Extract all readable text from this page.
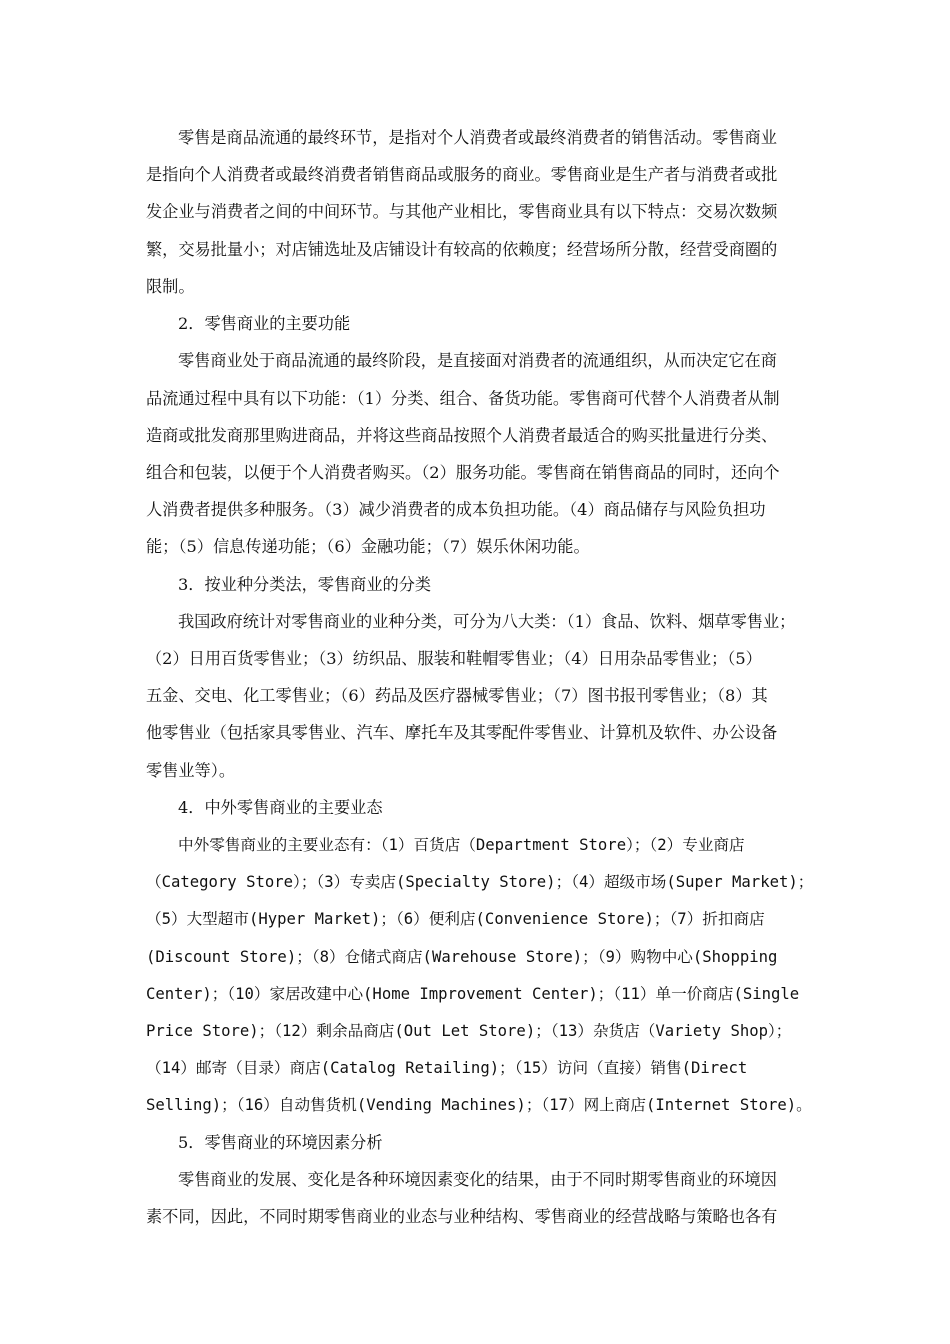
零售是商品流通的最终环节，是指对个人消费者或最终消费者的销售活动。零售商业
是指向个人消费者或最终消费者销售商品或服务的商业。零售商业是生产者与消费者或批
发企业与消费者之间的中间环节。与其他产业相比，零售商业具有以下特点：交易次数频
繁，交易批量小；对店铺选址及店铺设计有较高的依赖度；经营场所分散，经营受商圈的
限制。
2．零售商业的主要功能
零售商业处于商品流通的最终阶段，是直接面对消费者的流通组织，从而决定它在商
品流通过程中具有以下功能：（1）分类、组合、备货功能。零售商可代替个人消费者从制
造商或批发商那里购进商品，并将这些商品按照个人消费者最适合的购买批量进行分类、
组合和包装，以便于个人消费者购买。（2）服务功能。零售商在销售商品的同时，还向个
人消费者提供多种服务。（3）减少消费者的成本负担功能。（4）商品储存与风险负担功
能；（5）信息传递功能；（6）金融功能；（7）娱乐休闲功能。
3．按业种分类法，零售商业的分类
我国政府统计对零售商业的业种分类，可分为八大类：（1）食品、饮料、烟草零售业；
（2）日用百货零售业；（3）纺织品、服装和鞋帽零售业；（4）日用杂品零售业；（5）
五金、交电、化工零售业；（6）药品及医疗器械零售业；（7）图书报刊零售业；（8）其
他零售业（包括家具零售业、汽车、摩托车及其零配件零售业、计算机及软件、办公设备
零售业等）。
4．中外零售商业的主要业态
中外零售商业的主要业态有：（1）百货店（Department Store）；（2）专业商店
（Category Store）；（3）专卖店(Specialty Store)；（4）超级市场(Super Market)；
（5）大型超市(Hyper Market)；（6）便利店(Convenience Store)；（7）折扣商店
(Discount Store)；（8）仓储式商店(Warehouse Store)；（9）购物中心(Shopping
Center)；（10）家居改建中心(Home Improvement Center)；（11）单一价商店(Single
Price Store)；（12）剩余品商店(Out Let Store)；（13）杂货店（Variety Shop）；
（14）邮寄（目录）商店(Catalog Retailing)；（15）访问（直接）销售(Direct
Selling)；（16）自动售货机(Vending Machines)；（17）网上商店(Internet Store)。
5．零售商业的环境因素分析
零售商业的发展、变化是各种环境因素变化的结果，由于不同时期零售商业的环境因
素不同，因此，不同时期零售商业的业态与业种结构、零售商业的经营战略与策略也各有
